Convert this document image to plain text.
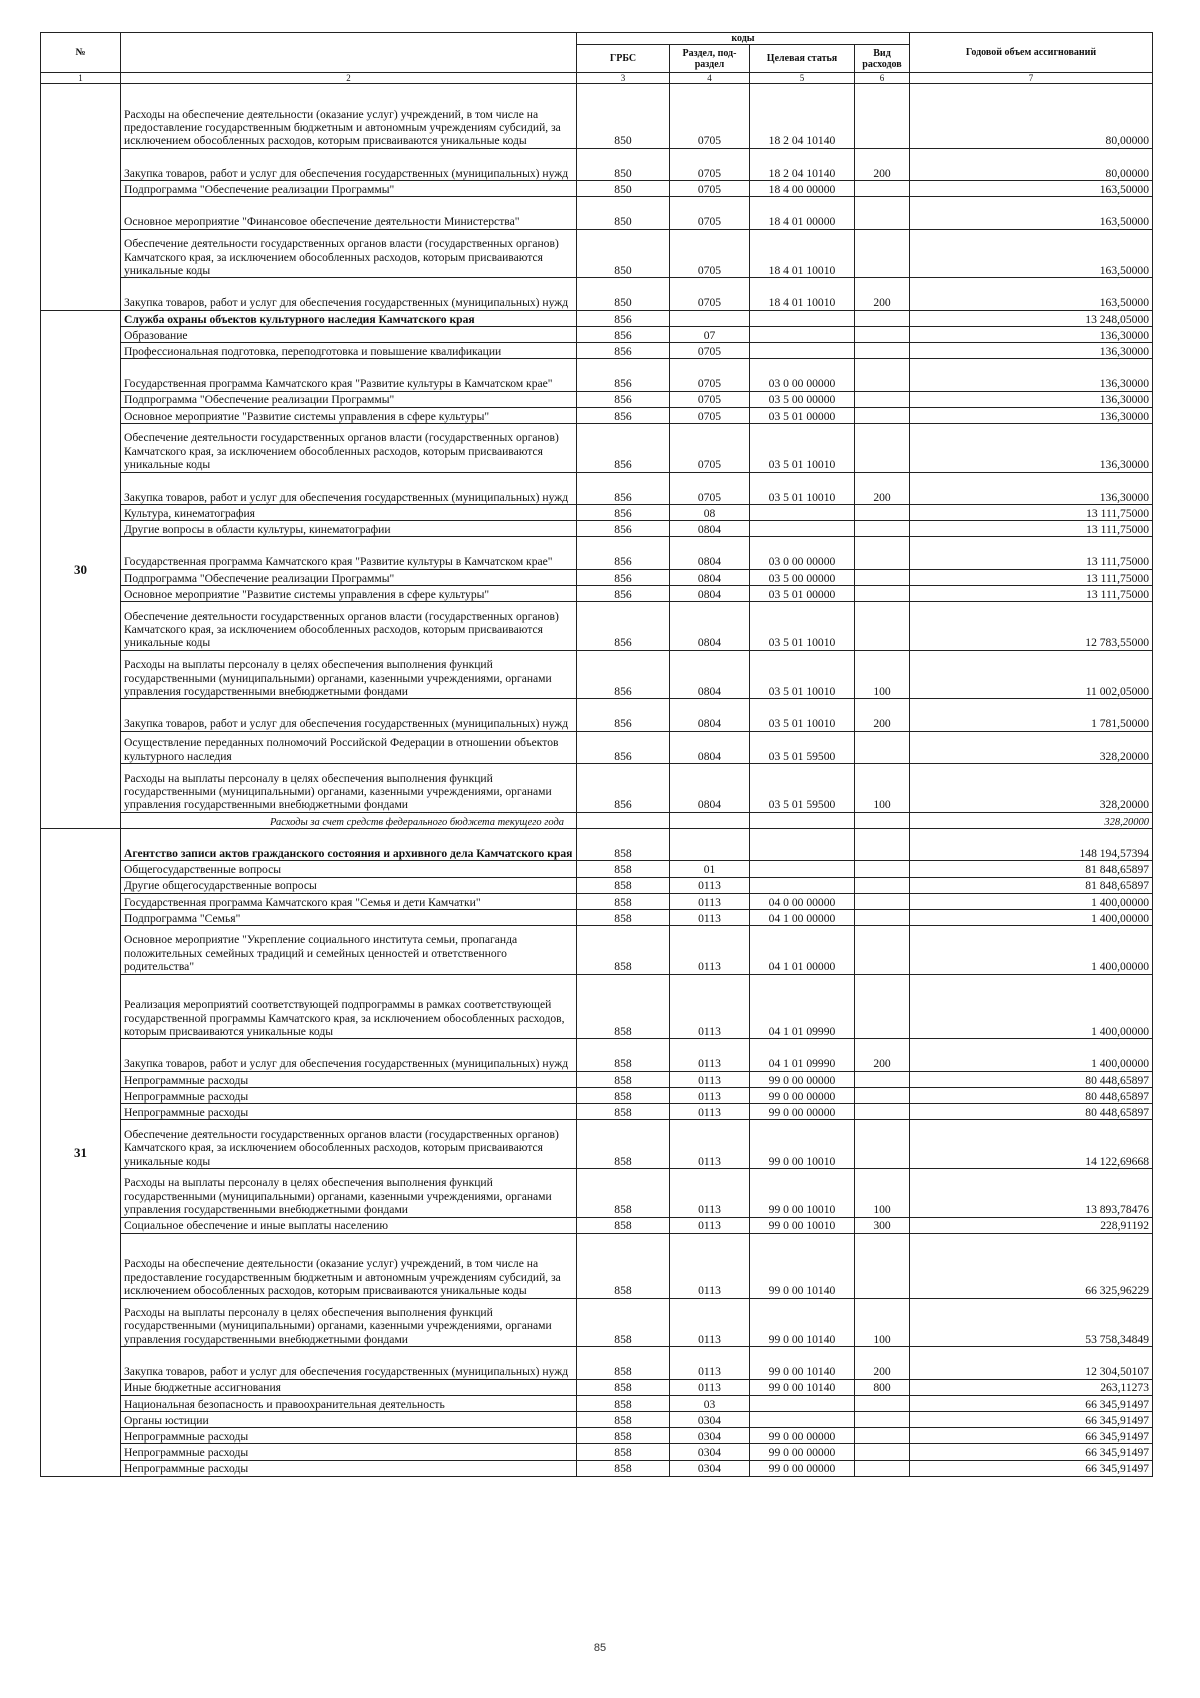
№		коды				Годовой объем ассигнований
		ГРБС	Раздел, под-раздел	Целевая статья	Вид расходов	
1	2	3	4	5	6	7
	Расходы на обеспечение деятельности (оказание услуг) учреждений, в том числе на предоставление государственным бюджетным и автономным учреждениям субсидий, за исключением обособленных расходов, которым присваиваются уникальные коды	850	0705	18 2 04 10140		80,00000
	Закупка товаров, работ и услуг для обеспечения государственных (муниципальных) нужд	850	0705	18 2 04 10140	200	80,00000
	Подпрограмма "Обеспечение реализации Программы"	850	0705	18 4 00 00000		163,50000
	Основное мероприятие "Финансовое обеспечение деятельности Министерства"	850	0705	18 4 01 00000		163,50000
	Обеспечение деятельности государственных органов власти (государственных органов) Камчатского края, за исключением обособленных расходов, которым присваиваются уникальные коды	850	0705	18 4 01 10010		163,50000
	Закупка товаров, работ и услуг для обеспечения государственных (муниципальных) нужд	850	0705	18 4 01 10010	200	163,50000
30	Служба охраны объектов культурного наследия Камчатского края	856				13 248,05000
	Образование	856	07			136,30000
	Профессиональная подготовка, переподготовка и повышение квалификации	856	0705			136,30000
	Государственная программа Камчатского края "Развитие культуры в Камчатском крае"	856	0705	03 0 00 00000		136,30000
	Подпрограмма "Обеспечение реализации Программы"	856	0705	03 5 00 00000		136,30000
	Основное мероприятие "Развитие системы управления в сфере культуры"	856	0705	03 5 01 00000		136,30000
	Обеспечение деятельности государственных органов власти (государственных органов) Камчатского края, за исключением обособленных расходов, которым присваиваются уникальные коды	856	0705	03 5 01 10010		136,30000
	Закупка товаров, работ и услуг для обеспечения государственных (муниципальных) нужд	856	0705	03 5 01 10010	200	136,30000
	Культура, кинематография	856	08			13 111,75000
	Другие вопросы в области культуры, кинематографии	856	0804			13 111,75000
	Государственная программа Камчатского края "Развитие культуры в Камчатском крае"	856	0804	03 0 00 00000		13 111,75000
	Подпрограмма "Обеспечение реализации Программы"	856	0804	03 5 00 00000		13 111,75000
	Основное мероприятие "Развитие системы управления в сфере культуры"	856	0804	03 5 01 00000		13 111,75000
	Обеспечение деятельности государственных органов власти (государственных органов) Камчатского края, за исключением обособленных расходов, которым присваиваются уникальные коды	856	0804	03 5 01 10010		12 783,55000
	Расходы на выплаты персоналу в целях обеспечения выполнения функций государственными (муниципальными) органами, казенными учреждениями, органами управления государственными внебюджетными фондами	856	0804	03 5 01 10010	100	11 002,05000
	Закупка товаров, работ и услуг для обеспечения государственных (муниципальных) нужд	856	0804	03 5 01 10010	200	1 781,50000
	Осуществление переданных полномочий Российской Федерации в отношении объектов культурного наследия	856	0804	03 5 01 59500		328,20000
	Расходы на выплаты персоналу в целях обеспечения выполнения функций государственными (муниципальными) органами, казенными учреждениями, органами управления государственными внебюджетными фондами	856	0804	03 5 01 59500	100	328,20000
	Расходы за счет средств федерального бюджета текущего года					328,20000
31	Агентство записи актов гражданского состояния и архивного дела Камчатского края	858				148 194,57394
	Общегосударственные вопросы	858	01			81 848,65897
	Другие общегосударственные вопросы	858	0113			81 848,65897
	Государственная программа Камчатского края "Семья и дети Камчатки"	858	0113	04 0 00 00000		1 400,00000
	Подпрограмма "Семья"	858	0113	04 1 00 00000		1 400,00000
	Основное мероприятие "Укрепление социального института семьи, пропаганда положительных семейных традиций и семейных ценностей и ответственного родительства"	858	0113	04 1 01 00000		1 400,00000
	Реализация мероприятий соответствующей подпрограммы в рамках соответствующей государственной программы Камчатского края, за исключением обособленных расходов, которым присваиваются уникальные коды	858	0113	04 1 01 09990		1 400,00000
	Закупка товаров, работ и услуг для обеспечения государственных (муниципальных) нужд	858	0113	04 1 01 09990	200	1 400,00000
	Непрограммные расходы	858	0113	99 0 00 00000		80 448,65897
	Непрограммные расходы	858	0113	99 0 00 00000		80 448,65897
	Непрограммные расходы	858	0113	99 0 00 00000		80 448,65897
	Обеспечение деятельности государственных органов власти (государственных органов) Камчатского края, за исключением обособленных расходов, которым присваиваются уникальные коды	858	0113	99 0 00 10010		14 122,69668
	Расходы на выплаты персоналу в целях обеспечения выполнения функций государственными (муниципальными) органами, казенными учреждениями, органами управления государственными внебюджетными фондами	858	0113	99 0 00 10010	100	13 893,78476
	Социальное обеспечение и иные выплаты населению	858	0113	99 0 00 10010	300	228,91192
	Расходы на обеспечение деятельности (оказание услуг) учреждений, в том числе на предоставление государственным бюджетным и автономным учреждениям субсидий, за исключением обособленных расходов, которым присваиваются уникальные коды	858	0113	99 0 00 10140		66 325,96229
	Расходы на выплаты персоналу в целях обеспечения выполнения функций государственными (муниципальными) органами, казенными учреждениями, органами управления государственными внебюджетными фондами	858	0113	99 0 00 10140	100	53 758,34849
	Закупка товаров, работ и услуг для обеспечения государственных (муниципальных) нужд	858	0113	99 0 00 10140	200	12 304,50107
	Иные бюджетные ассигнования	858	0113	99 0 00 10140	800	263,11273
	Национальная безопасность и правоохранительная деятельность	858	03			66 345,91497
	Органы юстиции	858	0304			66 345,91497
	Непрограммные расходы	858	0304	99 0 00 00000		66 345,91497
	Непрограммные расходы	858	0304	99 0 00 00000		66 345,91497
	Непрограммные расходы	858	0304	99 0 00 00000		66 345,91497
85
